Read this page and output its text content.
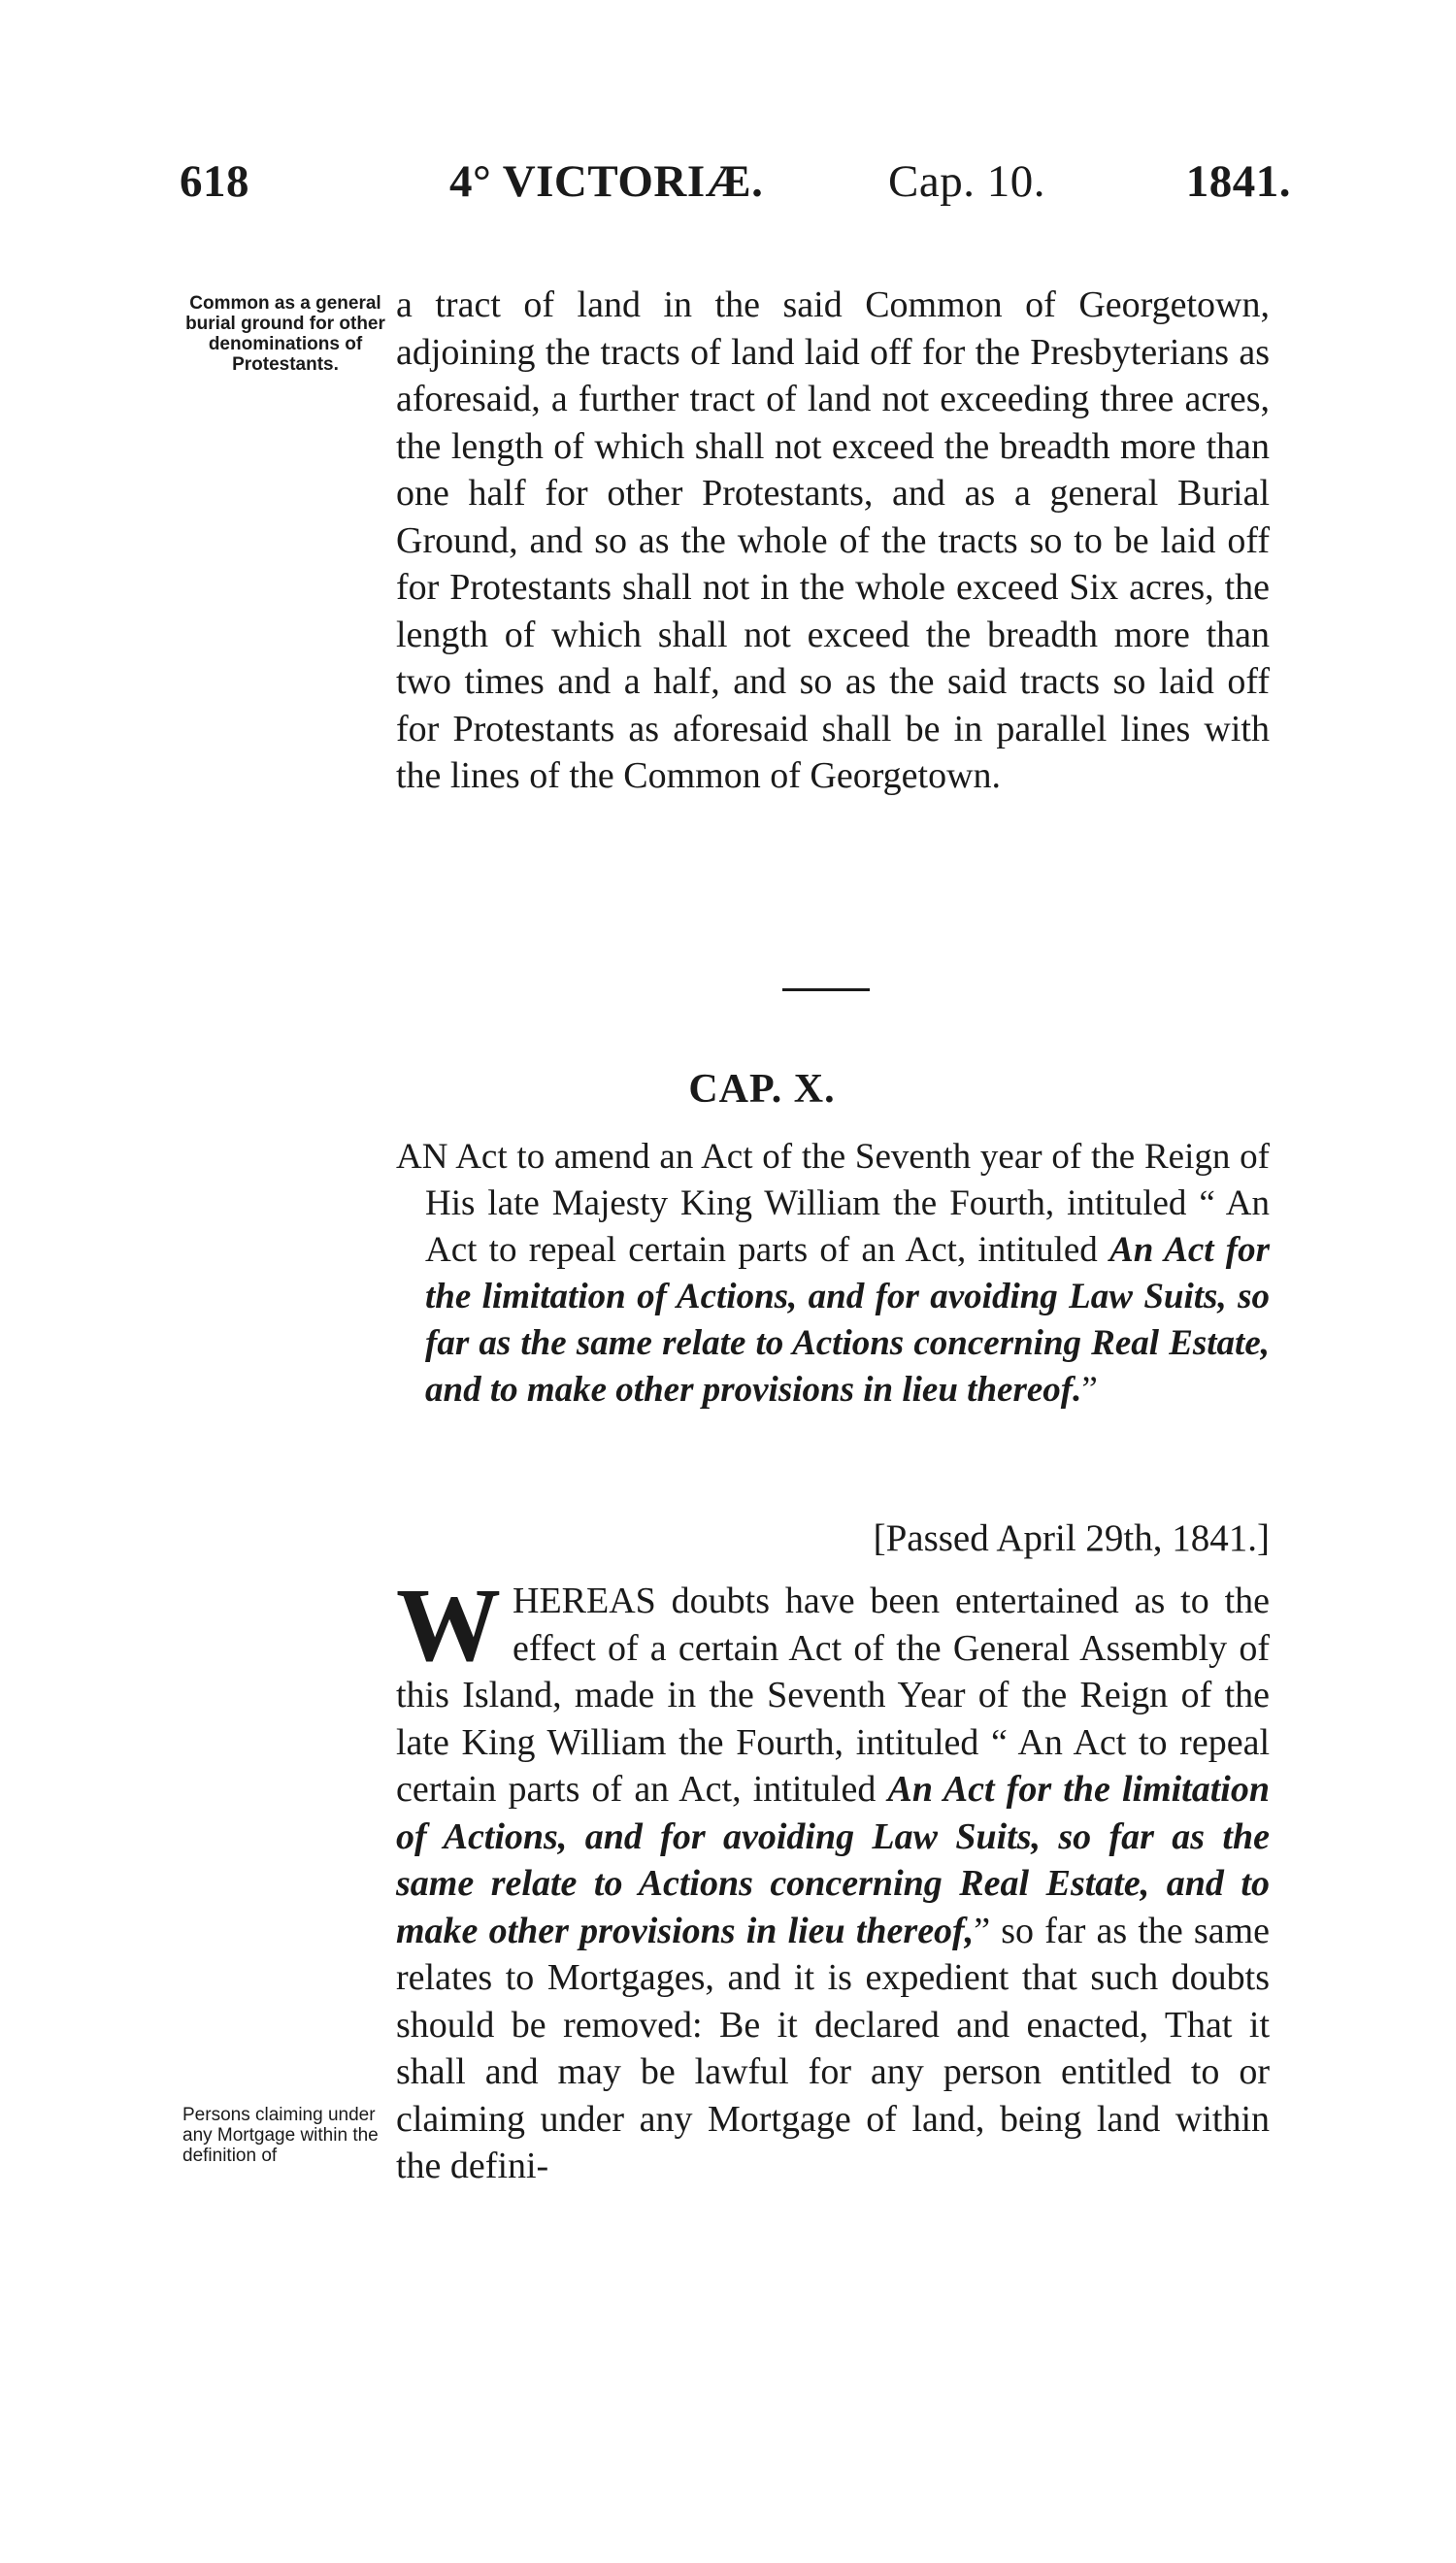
618	4° VICTORIÆ.	Cap. 10.	1841.
Common as a general burial ground for other denominations of Protestants.

a tract of land in the said Common of Georgetown, adjoining the tracts of land laid off for the Presbyterians as aforesaid, a further tract of land not exceeding three acres, the length of which shall not exceed the breadth more than one half for other Protestants, and as a general Burial Ground, and so as the whole of the tracts so to be laid off for Protestants shall not in the whole exceed Six acres, the length of which shall not exceed the breadth more than two times and a half, and so as the said tracts so laid off for Protestants as aforesaid shall be in parallel lines with the lines of the Common of Georgetown.

CAP. X.
AN Act to amend an Act of the Seventh year of the Reign of His late Majesty King William the Fourth, intituled “ An Act to repeal certain parts of an Act, intituled An Act for the limitation of Actions, and for avoiding Law Suits, so far as the same relate to Actions concerning Real Estate, and to make other provisions in lieu thereof.”
[Passed April 29th, 1841.]

WHEREAS doubts have been entertained as to the effect of a certain Act of the General Assembly of this Island, made in the Seventh Year of the Reign of the late King William the Fourth, intituled “ An Act to repeal certain parts of an Act, intituled An Act for the limitation of Actions, and for avoiding Law Suits, so far as the same relate to Actions concerning Real Estate, and to make other provisions in lieu thereof,” so far as the same relates to Mortgages, and it is expedient that such doubts should be removed: Be it declared and enacted, That it shall and may be lawful for any person entitled to or claiming under any Mortgage of land, being land within the defini-

Persons claiming under any Mortgage within the definition of
